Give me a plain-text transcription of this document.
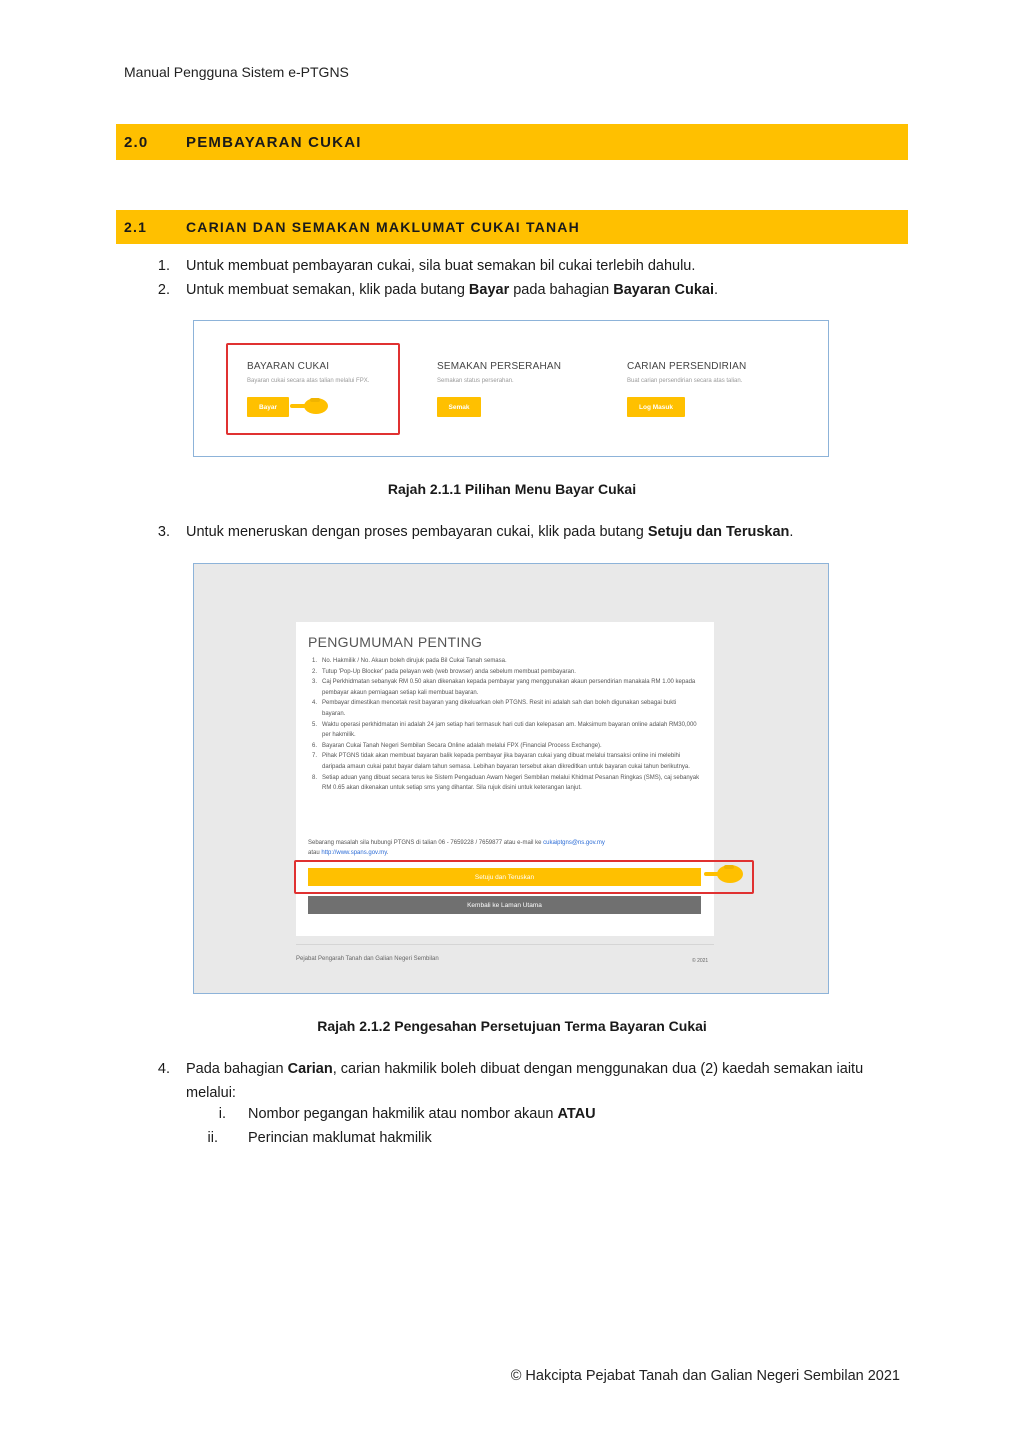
Manual Pengguna Sistem e-PTGNS
2.0	PEMBAYARAN CUKAI
2.1	CARIAN DAN SEMAKAN MAKLUMAT CUKAI TANAH
1. Untuk membuat pembayaran cukai, sila buat semakan bil cukai terlebih dahulu.
2. Untuk membuat semakan, klik pada butang Bayar pada bahagian Bayaran Cukai.
BAYARAN CUKAI
Bayaran cukai secara atas talian melalui FPX.
Bayar
SEMAKAN PERSERAHAN
Semakan status perserahan.
Semak
CARIAN PERSENDIRIAN
Buat carian persendirian secara atas talian.
Log Masuk
Rajah 2.1.1 Pilihan Menu Bayar Cukai
3. Untuk meneruskan dengan proses pembayaran cukai, klik pada butang Setuju dan Teruskan.
PENGUMUMAN PENTING
1. No. Hakmilik / No. Akaun boleh dirujuk pada Bil Cukai Tanah semasa.
2. Tutup 'Pop-Up Blocker' pada pelayan web (web browser) anda sebelum membuat pembayaran.
3. Caj Perkhidmatan sebanyak RM 0.50 akan dikenakan kepada pembayar yang menggunakan akaun persendirian manakala RM 1.00 kepada pembayar akaun perniagaan setiap kali membuat bayaran.
4. Pembayar dimestikan mencetak resit bayaran yang dikeluarkan oleh PTGNS. Resit ini adalah sah dan boleh digunakan sebagai bukti bayaran.
5. Waktu operasi perkhidmatan ini adalah 24 jam setiap hari termasuk hari cuti dan kelepasan am. Maksimum bayaran online adalah RM30,000 per hakmilik.
6. Bayaran Cukai Tanah Negeri Sembilan Secara Online adalah melalui FPX (Financial Process Exchange).
7. Pihak PTGNS tidak akan membuat bayaran balik kepada pembayar jika bayaran cukai yang dibuat melalui transaksi online ini melebihi daripada amaun cukai patut bayar dalam tahun semasa. Lebihan bayaran tersebut akan dikreditkan untuk bayaran cukai tahun berikutnya.
8. Setiap aduan yang dibuat secara terus ke Sistem Pengaduan Awam Negeri Sembilan melalui Khidmat Pesanan Ringkas (SMS), caj sebanyak RM 0.65 akan dikenakan untuk setiap sms yang dihantar. Sila rujuk disini untuk keterangan lanjut.
Sebarang masalah sila hubungi PTGNS di talian 06 - 7659228 / 7659877 atau e-mail ke cukaiptgns@ns.gov.my
atau http://www.spans.gov.my.
Setuju dan Teruskan
Kembali ke Laman Utama
Pejabat Pengarah Tanah dan Galian Negeri Sembilan	© 2021
Rajah 2.1.2 Pengesahan Persetujuan Terma Bayaran Cukai
4. Pada bahagian Carian, carian hakmilik boleh dibuat dengan menggunakan dua (2) kaedah semakan iaitu melalui:
i. Nombor pegangan hakmilik atau nombor akaun ATAU
ii. Perincian maklumat hakmilik
© Hakcipta Pejabat Tanah dan Galian Negeri Sembilan 2021
